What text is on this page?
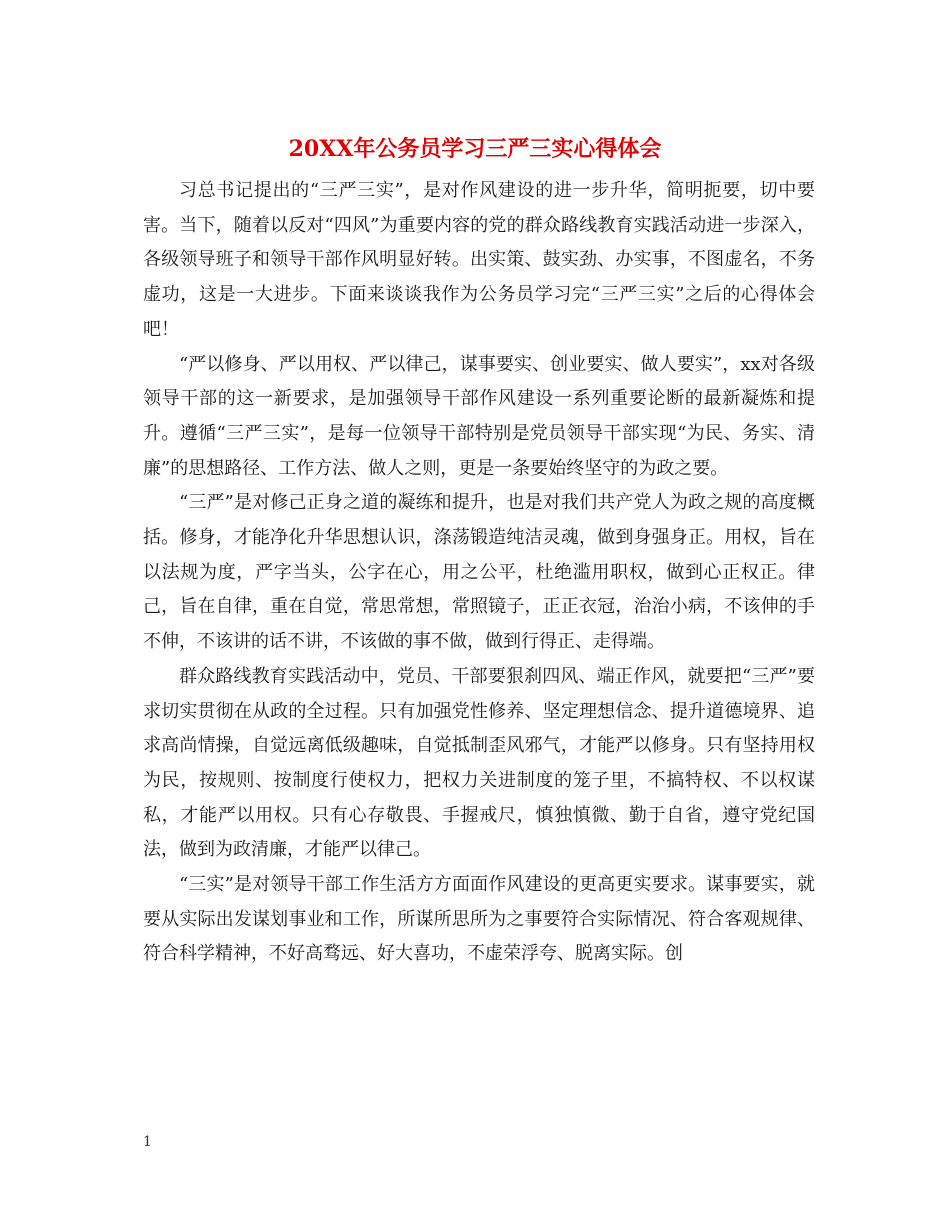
20XX年公务员学习三严三实心得体会

习总书记提出的“三严三实”，是对作风建设的进一步升华，简明扼要，切中要害。当下，随着以反对“四风”为重要内容的党的群众路线教育实践活动进一步深入，各级领导班子和领导干部作风明显好转。出实策、鼓实劲、办实事，不图虚名，不务虚功，这是一大进步。下面来谈谈我作为公务员学习完“三严三实”之后的心得体会吧！

“严以修身、严以用权、严以律己，谋事要实、创业要实、做人要实”，xx对各级领导干部的这一新要求，是加强领导干部作风建设一系列重要论断的最新凝炼和提升。遵循“三严三实”，是每一位领导干部特别是党员领导干部实现“为民、务实、清廉”的思想路径、工作方法、做人之则，更是一条要始终坚守的为政之要。

“三严”是对修己正身之道的凝练和提升，也是对我们共产党人为政之规的高度概括。修身，才能净化升华思想认识，涤荡锻造纯洁灵魂，做到身强身正。用权，旨在以法规为度，严字当头，公字在心，用之公平，杜绝滥用职权，做到心正权正。律己，旨在自律，重在自觉，常思常想，常照镜子，正正衣冠，治治小病，不该伸的手不伸，不该讲的话不讲，不该做的事不做，做到行得正、走得端。

群众路线教育实践活动中，党员、干部要狠刹四风、端正作风，就要把“三严”要求切实贯彻在从政的全过程。只有加强党性修养、坚定理想信念、提升道德境界、追求高尚情操，自觉远离低级趣味，自觉抵制歪风邪气，才能严以修身。只有坚持用权为民，按规则、按制度行使权力，把权力关进制度的笼子里，不搞特权、不以权谋私，才能严以用权。只有心存敬畏、手握戒尺，慎独慎微、勤于自省，遵守党纪国法，做到为政清廉，才能严以律己。

“三实”是对领导干部工作生活方方面面作风建设的更高更实要求。谋事要实，就要从实际出发谋划事业和工作，所谋所思所为之事要符合实际情况、符合客观规律、符合科学精神，不好高骛远、好大喜功，不虚荣浮夸、脱离实际。创

1
